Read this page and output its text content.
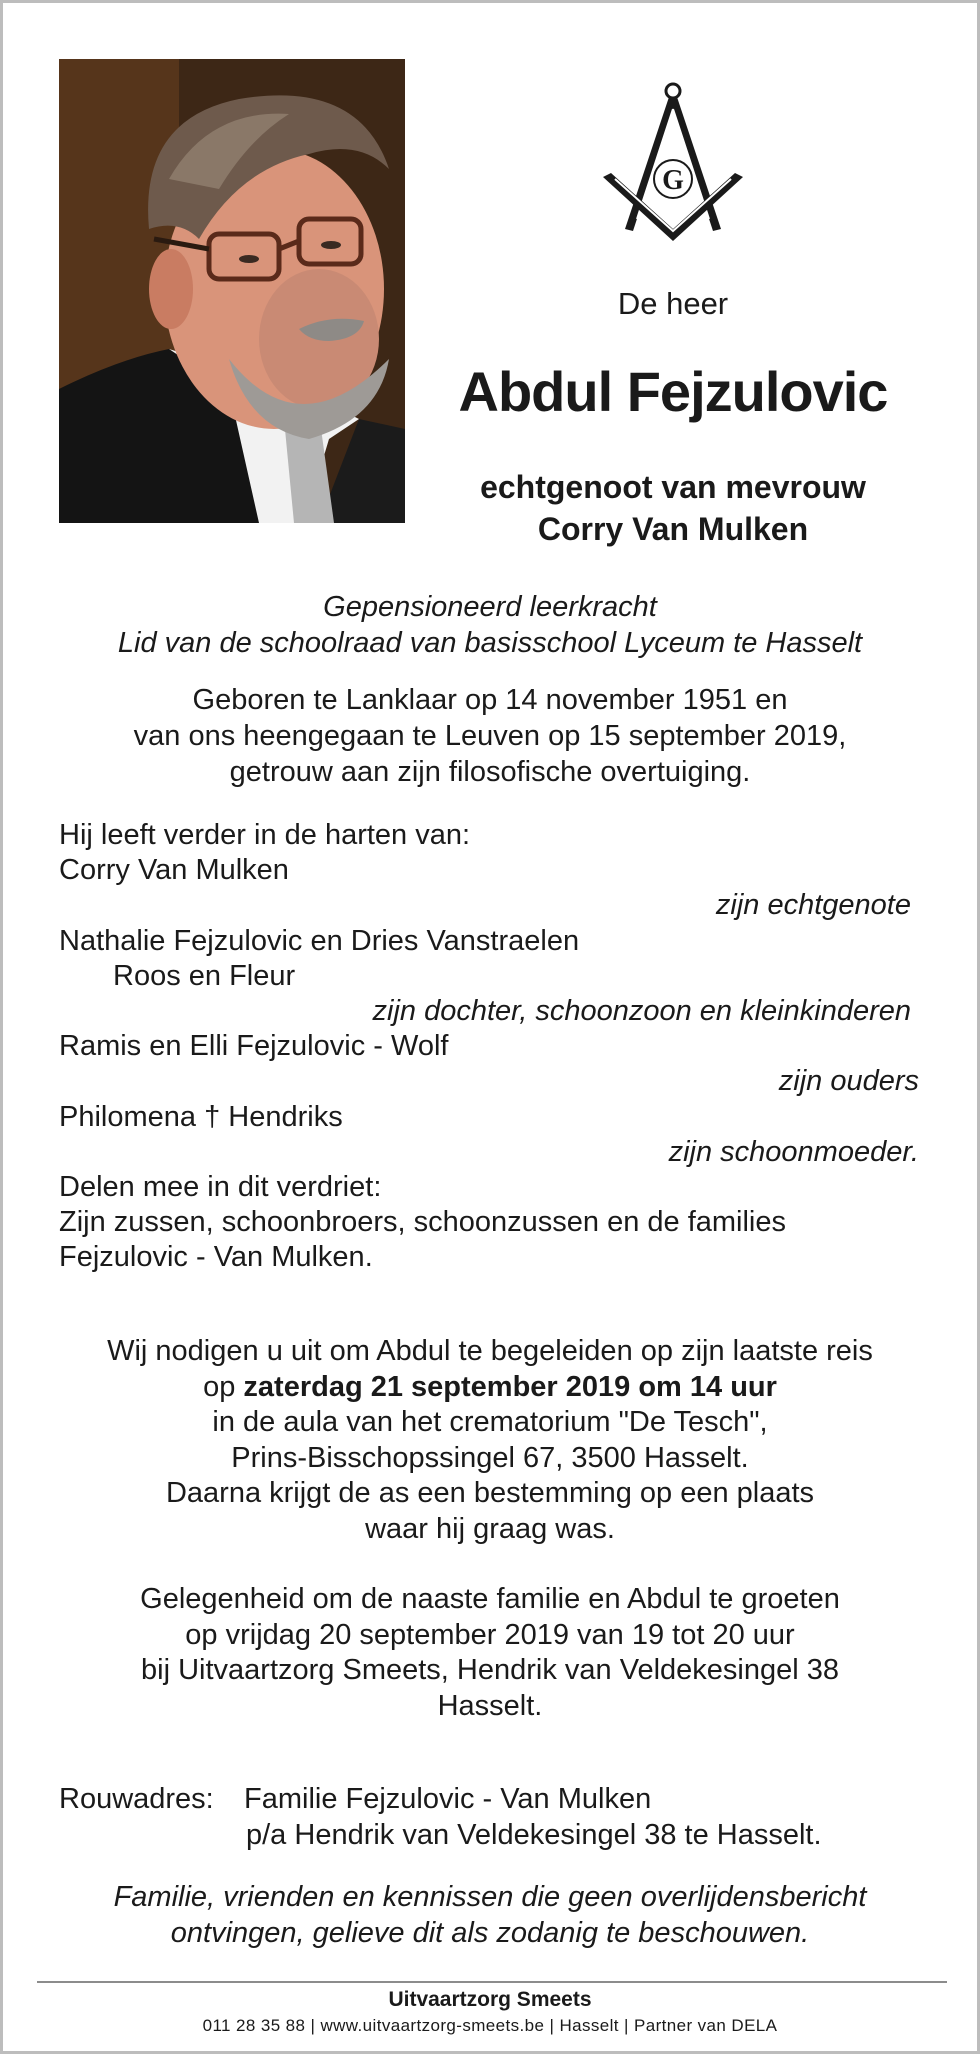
G

De heer

Abdul Fejzulovic

echtgenoot van mevrouw

Corry Van Mulken

Gepensioneerd leerkracht

Lid van de schoolraad van basisschool Lyceum te Hasselt

Geboren te Lanklaar op 14 november 1951 en

van ons heengegaan te Leuven op 15 september 2019,

getrouw aan zijn filosofische overtuiging.

Hij leeft verder in de harten van:

Corry Van Mulken

zijn echtgenote

Nathalie Fejzulovic en Dries Vanstraelen

Roos en Fleur

zijn dochter, schoonzoon en kleinkinderen

Ramis en Elli Fejzulovic - Wolf

zijn ouders

Philomena † Hendriks

zijn schoonmoeder.

Delen mee in dit verdriet:

Zijn zussen, schoonbroers, schoonzussen en de families

Fejzulovic - Van Mulken.

Wij nodigen u uit om Abdul te begeleiden op zijn laatste reis

op zaterdag 21 september 2019 om 14 uur

in de aula van het crematorium "De Tesch",

Prins-Bisschopssingel 67, 3500 Hasselt.

Daarna krijgt de as een bestemming op een plaats

waar hij graag was.

Gelegenheid om de naaste familie en Abdul te groeten

op vrijdag 20 september 2019 van 19 tot 20 uur

bij Uitvaartzorg Smeets, Hendrik van Veldekesingel 38

Hasselt.

Rouwadres: Familie Fejzulovic - Van Mulken

p/a Hendrik van Veldekesingel 38 te Hasselt.

Familie, vrienden en kennissen die geen overlijdensbericht

ontvingen, gelieve dit als zodanig te beschouwen.

Uitvaartzorg Smeets

011 28 35 88 | www.uitvaartzorg-smeets.be | Hasselt | Partner van DELA
